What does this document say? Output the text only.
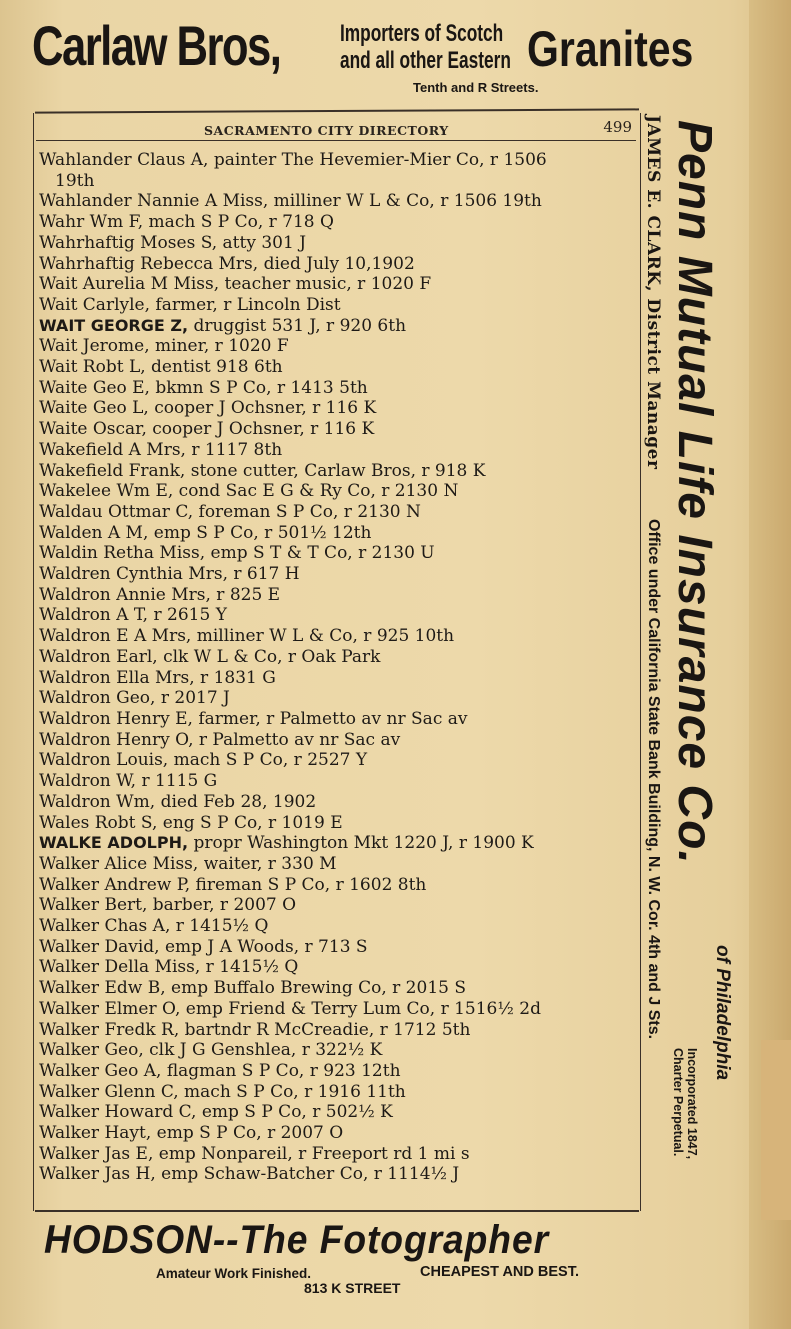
Carlaw Bros, Importers of Scotch
and all other Eastern Granites
Tenth and R Streets.
SACRAMENTO CITY DIRECTORY	499
Wahlander Claus A, painter The Hevemier-Mier Co, r 1506
19th
Wahlander Nannie A Miss, milliner W L & Co, r 1506 19th
Wahr Wm F, mach S P Co, r 718 Q
Wahrhaftig Moses S, atty 301 J
Wahrhaftig Rebecca Mrs, died July 10,1902
Wait Aurelia M Miss, teacher music, r 1020 F
Wait Carlyle, farmer, r Lincoln Dist
WAIT GEORGE Z, druggist 531 J, r 920 6th
Wait Jerome, miner, r 1020 F
Wait Robt L, dentist 918 6th
Waite Geo E, bkmn S P Co, r 1413 5th
Waite Geo L, cooper J Ochsner, r 116 K
Waite Oscar, cooper J Ochsner, r 116 K
Wakefield A Mrs, r 1117 8th
Wakefield Frank, stone cutter, Carlaw Bros, r 918 K
Wakelee Wm E, cond Sac E G & Ry Co, r 2130 N
Waldau Ottmar C, foreman S P Co, r 2130 N
Walden A M, emp S P Co, r 501½ 12th
Waldin Retha Miss, emp S T & T Co, r 2130 U
Waldren Cynthia Mrs, r 617 H
Waldron Annie Mrs, r 825 E
Waldron A T, r 2615 Y
Waldron E A Mrs, milliner W L & Co, r 925 10th
Waldron Earl, clk W L & Co, r Oak Park
Waldron Ella Mrs, r 1831 G
Waldron Geo, r 2017 J
Waldron Henry E, farmer, r Palmetto av nr Sac av
Waldron Henry O, r Palmetto av nr Sac av
Waldron Louis, mach S P Co, r 2527 Y
Waldron W, r 1115 G
Waldron Wm, died Feb 28, 1902
Wales Robt S, eng S P Co, r 1019 E
WALKE ADOLPH, propr Washington Mkt 1220 J, r 1900 K
Walker Alice Miss, waiter, r 330 M
Walker Andrew P, fireman S P Co, r 1602 8th
Walker Bert, barber, r 2007 O
Walker Chas A, r 1415½ Q
Walker David, emp J A Woods, r 713 S
Walker Della Miss, r 1415½ Q
Walker Edw B, emp Buffalo Brewing Co, r 2015 S
Walker Elmer O, emp Friend & Terry Lum Co, r 1516½ 2d
Walker Fredk R, bartndr R McCreadie, r 1712 5th
Walker Geo, clk J G Genshlea, r 322½ K
Walker Geo A, flagman S P Co, r 923 12th
Walker Glenn C, mach S P Co, r 1916 11th
Walker Howard C, emp S P Co, r 502½ K
Walker Hayt, emp S P Co, r 2007 O
Walker Jas E, emp Nonpareil, r Freeport rd 1 mi s
Walker Jas H, emp Schaw-Batcher Co, r 1114½ J
Penn Mutual Life Insurance Co.
of Philadelphia
JAMES E. CLARK, District Manager
Office under California State Bank Building, N. W. Cor. 4th and J Sts.
Incorporated 1847,
Charter Perpetual.
HODSON--The Fotographer
Amateur Work Finished.	CHEAPEST AND BEST.
813 K STREET
